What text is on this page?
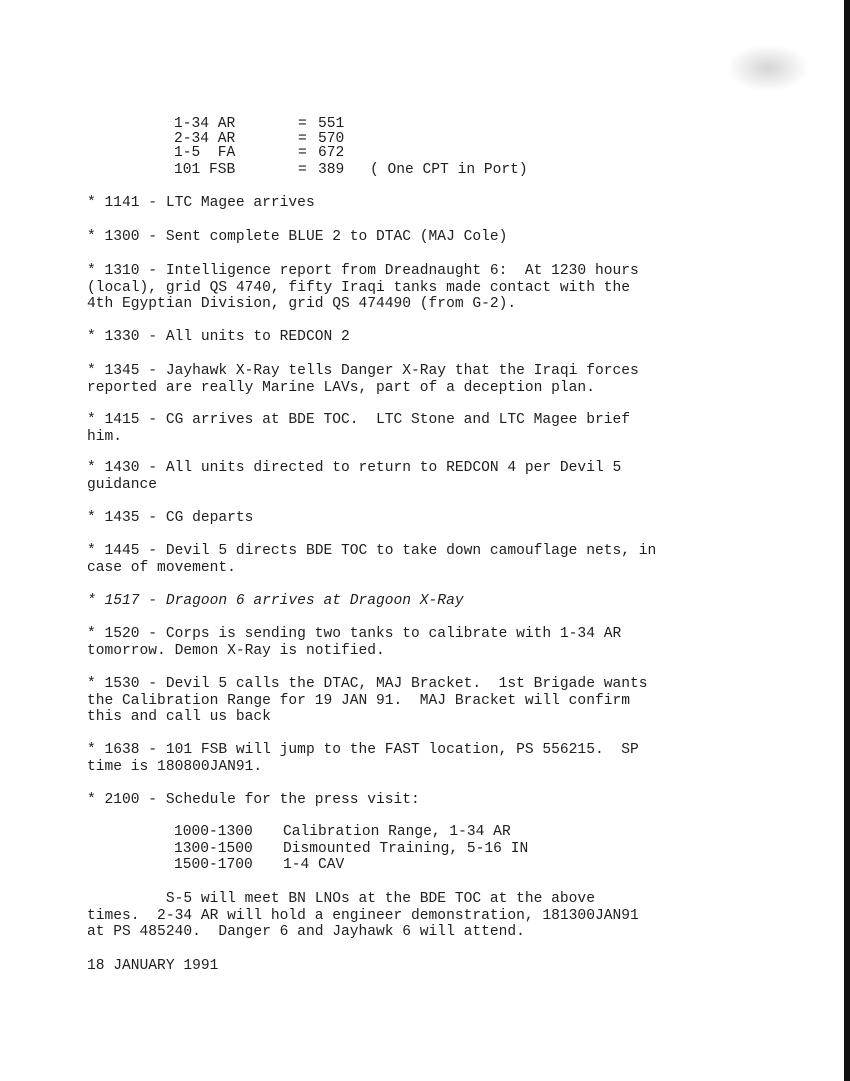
1-34 AR	= 551
2-34 AR	= 570
1-5  FA	= 672
101 FSB	= 389 ( One CPT in Port)
* 1141 - LTC Magee arrives
* 1300 - Sent complete BLUE 2 to DTAC (MAJ Cole)
* 1310 - Intelligence report from Dreadnaught 6:  At 1230 hours
(local), grid QS 4740, fifty Iraqi tanks made contact with the
4th Egyptian Division, grid QS 474490 (from G-2).
* 1330 - All units to REDCON 2
* 1345 - Jayhawk X-Ray tells Danger X-Ray that the Iraqi forces
reported are really Marine LAVs, part of a deception plan.
* 1415 - CG arrives at BDE TOC.  LTC Stone and LTC Magee brief
him.
* 1430 - All units directed to return to REDCON 4 per Devil 5
guidance
* 1435 - CG departs
* 1445 - Devil 5 directs BDE TOC to take down camouflage nets, in
case of movement.
* 1517 - Dragoon 6 arrives at Dragoon X-Ray
* 1520 - Corps is sending two tanks to calibrate with 1-34 AR
tomorrow. Demon X-Ray is notified.
* 1530 - Devil 5 calls the DTAC, MAJ Bracket.  1st Brigade wants
the Calibration Range for 19 JAN 91.  MAJ Bracket will confirm
this and call us back
* 1638 - 101 FSB will jump to the FAST location, PS 556215.  SP
time is 180800JAN91.
* 2100 - Schedule for the press visit:
1000-1300 Calibration Range, 1-34 AR
1300-1500 Dismounted Training, 5-16 IN
1500-1700 1-4 CAV
S-5 will meet BN LNOs at the BDE TOC at the above
times.  2-34 AR will hold a engineer demonstration, 181300JAN91
at PS 485240.  Danger 6 and Jayhawk 6 will attend.
18 JANUARY 1991
